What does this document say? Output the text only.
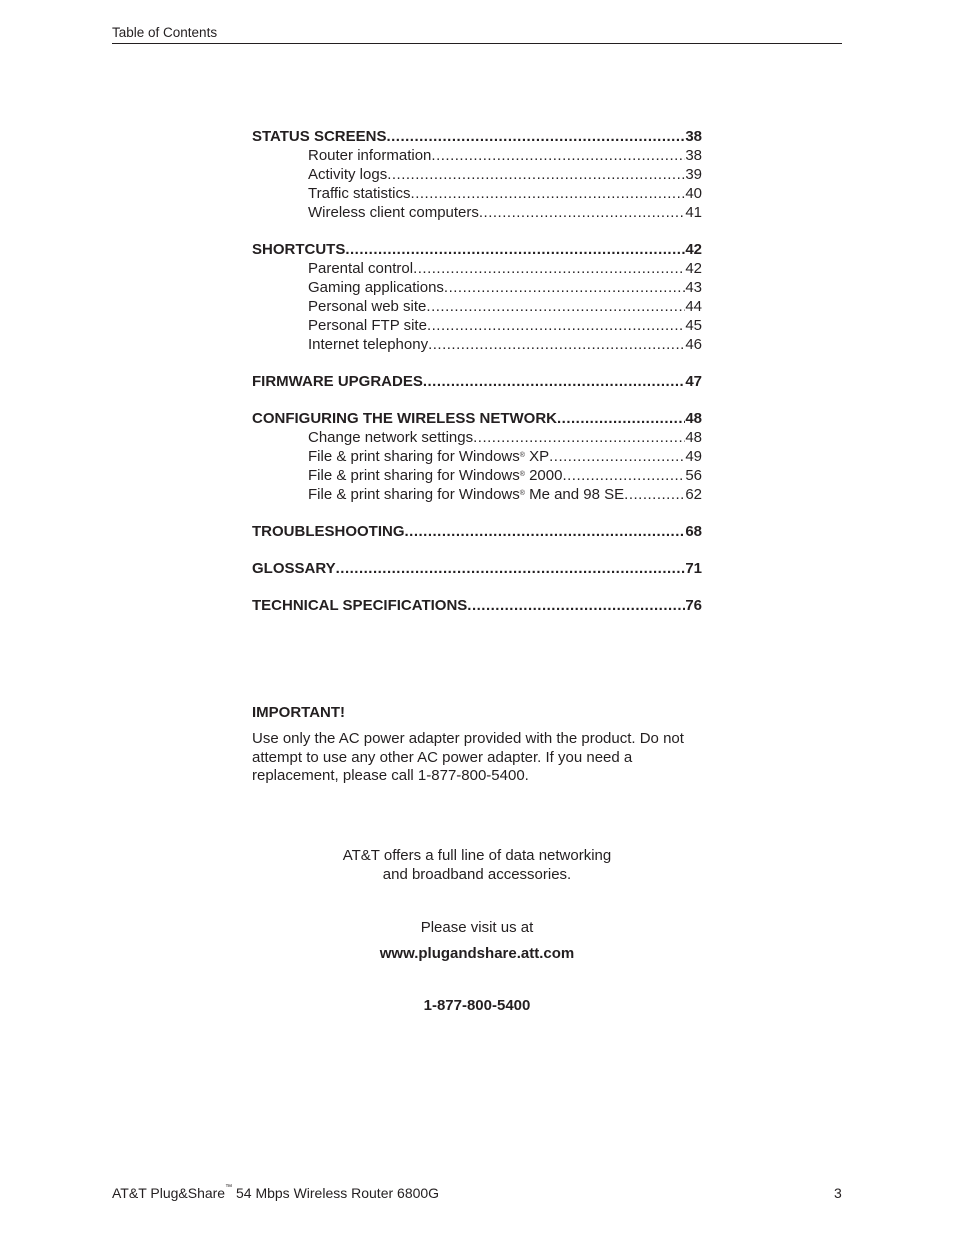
Table of Contents
STATUS SCREENS .....	38
Router information .....	38
Activity logs .....	39
Traffic statistics .....	40
Wireless client computers .....	41
SHORTCUTS .....	42
Parental control .....	42
Gaming applications .....	43
Personal web site .....	44
Personal FTP site .....	45
Internet telephony .....	46
FIRMWARE UPGRADES .....	47
CONFIGURING THE WIRELESS NETWORK .....	48
Change network settings .....	48
File & print sharing for Windows® XP .....	49
File & print sharing for Windows® 2000 .....	56
File & print sharing for Windows® Me and 98 SE .....	62
TROUBLESHOOTING .....	68
GLOSSARY .....	71
TECHNICAL SPECIFICATIONS .....	76
IMPORTANT!
Use only the AC power adapter provided with the product. Do not attempt to use any other AC power adapter. If you need a replacement, please call 1-877-800-5400.
AT&T offers a full line of data networking
and broadband accessories.
Please visit us at
www.plugandshare.att.com
1-877-800-5400
AT&T Plug&Share™ 54 Mbps Wireless Router 6800G	3
